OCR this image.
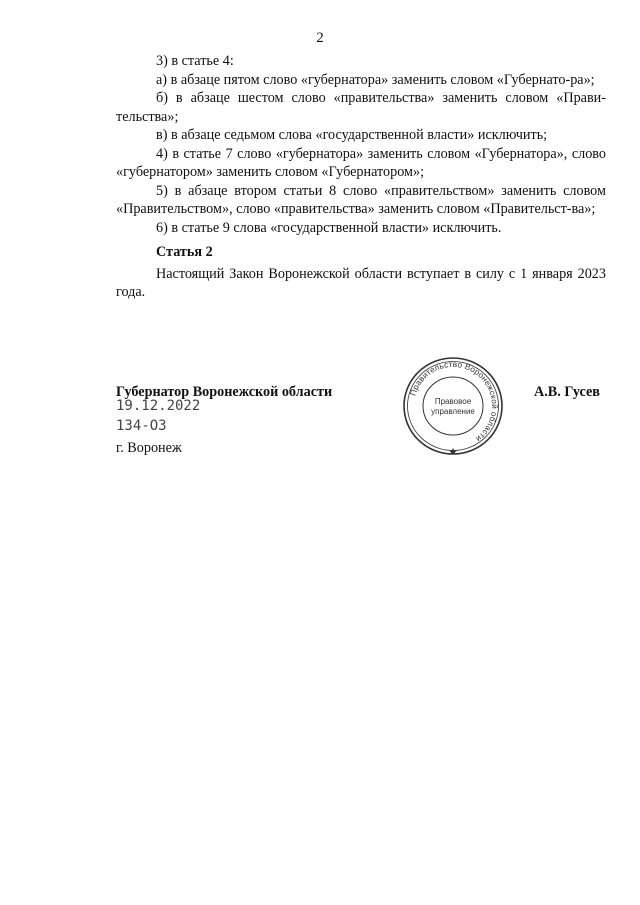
2

3) в статье 4:

а) в абзаце пятом слово «губернатора» заменить словом «Губернато-ра»;

б) в абзаце шестом слово «правительства» заменить словом «Прави-тельства»;

в) в абзаце седьмом слова «государственной власти» исключить;

4) в статье 7 слово «губернатора» заменить словом «Губернатора», слово «губернатором» заменить словом «Губернатором»;

5) в абзаце втором статьи 8 слово «правительством» заменить словом «Правительством», слово «правительства» заменить словом «Правительст-ва»;

6) в статье 9 слова «государственной власти» исключить.

Статья 2

Настоящий Закон Воронежской области вступает в силу с 1 января 2023 года.

Губернатор Воронежской области	А.В. Гусев
19.12.2022
134-ОЗ
г. Воронеж
Правительство Воронежской области
Правовое
управление
